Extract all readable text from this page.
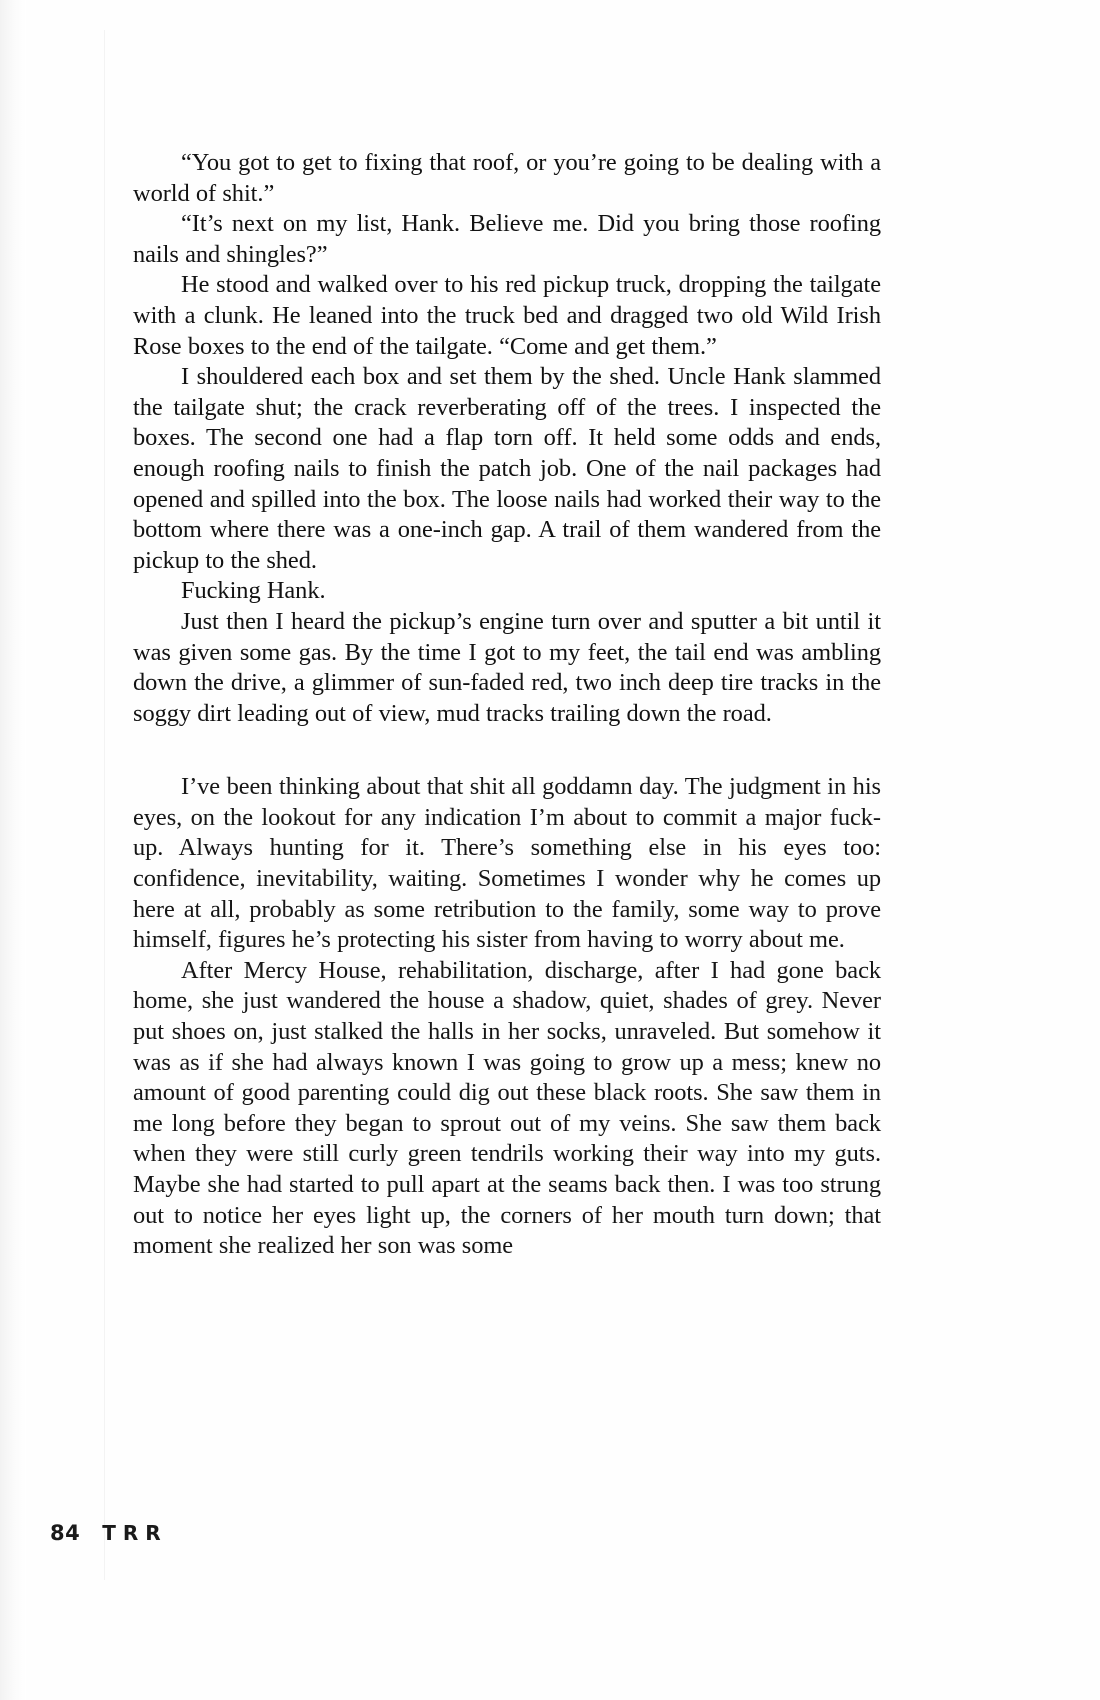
“You got to get to fixing that roof, or you’re going to be dealing with a world of shit.”

“It’s next on my list, Hank. Believe me. Did you bring those roofing nails and shingles?”

He stood and walked over to his red pickup truck, dropping the tailgate with a clunk. He leaned into the truck bed and dragged two old Wild Irish Rose boxes to the end of the tailgate. “Come and get them.”

I shouldered each box and set them by the shed. Uncle Hank slammed the tailgate shut; the crack reverberating off of the trees. I inspected the boxes. The second one had a flap torn off. It held some odds and ends, enough roofing nails to finish the patch job. One of the nail packages had opened and spilled into the box. The loose nails had worked their way to the bottom where there was a one-inch gap. A trail of them wandered from the pickup to the shed.

Fucking Hank.

Just then I heard the pickup’s engine turn over and sputter a bit until it was given some gas. By the time I got to my feet, the tail end was ambling down the drive, a glimmer of sun-faded red, two inch deep tire tracks in the soggy dirt leading out of view, mud tracks trailing down the road.

I’ve been thinking about that shit all goddamn day. The judgment in his eyes, on the lookout for any indication I’m about to commit a major fuck-up. Always hunting for it. There’s something else in his eyes too: confidence, inevitability, waiting. Sometimes I wonder why he comes up here at all, probably as some retribution to the family, some way to prove himself, figures he’s protecting his sister from having to worry about me.

After Mercy House, rehabilitation, discharge, after I had gone back home, she just wandered the house a shadow, quiet, shades of grey. Never put shoes on, just stalked the halls in her socks, unraveled. But somehow it was as if she had always known I was going to grow up a mess; knew no amount of good parenting could dig out these black roots. She saw them in me long before they began to sprout out of my veins. She saw them back when they were still curly green tendrils working their way into my guts. Maybe she had started to pull apart at the seams back then. I was too strung out to notice her eyes light up, the corners of her mouth turn down; that moment she realized her son was some

84 TRR
